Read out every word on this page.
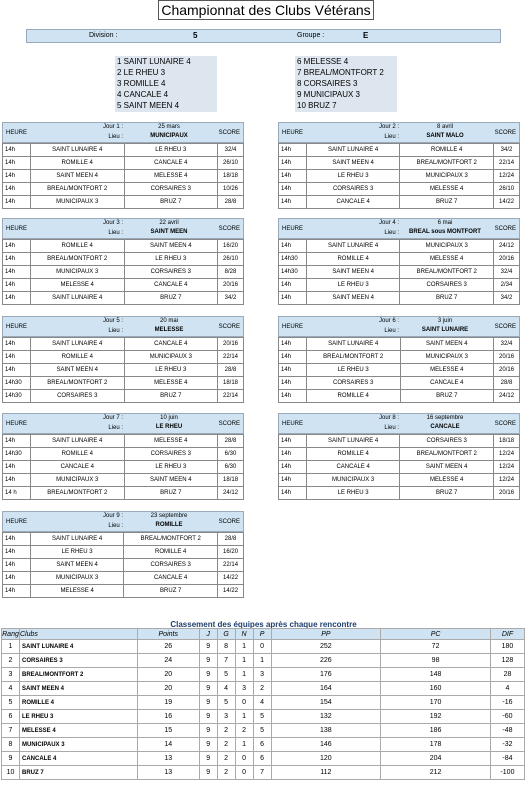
Championnat des Clubs Vétérans
Division :	5	Groupe :	E
1 SAINT LUNAIRE 4
2 LE RHEU 3
3 ROMILLE 4
4 CANCALE 4
5 SAINT MEEN 4
6 MELESSE 4
7 BREAL/MONTFORT 2
8 CORSAIRES 3
9 MUNICIPAUX 3
10 BRUZ 7
HEURE
Jour 1 :
Lieu :
25 mars
MUNICIPAUX	SCORE
14h	SAINT LUNAIRE 4	LE RHEU 3	32/4
14h	ROMILLE 4	CANCALE 4	26/10
14h	SAINT MEEN 4	MELESSE 4	18/18
14h	BREAL/MONTFORT 2	CORSAIRES 3	10/26
14h	MUNICIPAUX 3	BRUZ 7	28/8
HEURE
Jour 2 :
Lieu :
8 avril
SAINT MALO	SCORE
14h	SAINT LUNAIRE 4	ROMILLE 4	34/2
14h	SAINT MEEN 4	BREAL/MONTFORT 2	22/14
14h	LE RHEU 3	MUNICIPAUX 3	12/24
14h	CORSAIRES 3	MELESSE 4	26/10
14h	CANCALE 4	BRUZ 7	14/22
HEURE
Jour 3 :
Lieu :
22 avril
SAINT MEEN	SCORE
14h	ROMILLE 4	SAINT MEEN 4	16/20
14h	BREAL/MONTFORT 2	LE RHEU 3	26/10
14h	MUNICIPAUX 3	CORSAIRES 3	8/28
14h	MELESSE 4	CANCALE 4	20/16
14h	SAINT LUNAIRE 4	BRUZ 7	34/2
HEURE
Jour 4 :
Lieu :
6 mai
BREAL sous MONTFORT	SCORE
14h	SAINT LUNAIRE 4	MUNICIPAUX 3	24/12
14h30	ROMILLE 4	MELESSE 4	20/16
14h30	SAINT MEEN 4	BREAL/MONTFORT 2	32/4
14h	LE RHEU 3	CORSAIRES 3	2/34
14h	SAINT MEEN 4	BRUZ 7	34/2
HEURE
Jour 5 :
Lieu :
20 mai
MELESSE	SCORE
14h	SAINT LUNAIRE 4	CANCALE 4	20/16
14h	ROMILLE 4	MUNICIPAUX 3	22/14
14h	SAINT MEEN 4	LE RHEU 3	28/8
14h30	BREAL/MONTFORT 2	MELESSE 4	18/18
14h30	CORSAIRES 3	BRUZ 7	22/14
HEURE
Jour 6 :
Lieu :
3 juin
SAINT LUNAIRE	SCORE
14h	SAINT LUNAIRE 4	SAINT MEEN 4	32/4
14h	BREAL/MONTFORT 2	MUNICIPAUX 3	20/16
14h	LE RHEU 3	MELESSE 4	20/16
14h	CORSAIRES 3	CANCALE 4	28/8
14h	ROMILLE 4	BRUZ 7	24/12
HEURE
Jour 7 :
Lieu :
10 juin
LE RHEU	SCORE
14h	SAINT LUNAIRE 4	MELESSE 4	28/8
14h30	ROMILLE 4	CORSAIRES 3	6/30
14h	CANCALE 4	LE RHEU 3	6/30
14h	MUNICIPAUX 3	SAINT MEEN 4	18/18
14 h	BREAL/MONTFORT 2	BRUZ 7	24/12
HEURE
Jour 8 :
Lieu :
16 septembre
CANCALE	SCORE
14h	SAINT LUNAIRE 4	CORSAIRES 3	18/18
14h	ROMILLE 4	BREAL/MONTFORT 2	12/24
14h	CANCALE 4	SAINT MEEN 4	12/24
14h	MUNICIPAUX 3	MELESSE 4	12/24
14h	LE RHEU 3	BRUZ 7	20/16
HEURE
Jour 9 :
Lieu :
23 septembre
ROMILLE	SCORE
14h	SAINT LUNAIRE 4	BREAL/MONTFORT 2	28/8
14h	LE RHEU 3	ROMILLE 4	16/20
14h	SAINT MEEN 4	CORSAIRES 3	22/14
14h	MUNICIPAUX 3	CANCALE 4	14/22
14h	MELESSE 4	BRUZ 7	14/22
Classement des équipes après chaque rencontre
Rang	Clubs	Points	J	G	N	P	PP	PC	DIF
1	SAINT LUNAIRE 4	26	9	8	1	0	252	72	180
2	CORSAIRES 3	24	9	7	1	1	226	98	128
3	BREAL/MONTFORT 2	20	9	5	1	3	176	148	28
4	SAINT MEEN 4	20	9	4	3	2	164	160	4
5	ROMILLE 4	19	9	5	0	4	154	170	-16
6	LE RHEU 3	16	9	3	1	5	132	192	-60
7	MELESSE 4	15	9	2	2	5	138	186	-48
8	MUNICIPAUX 3	14	9	2	1	6	146	178	-32
9	CANCALE 4	13	9	2	0	6	120	204	-84
10	BRUZ 7	13	9	2	0	7	112	212	-100
